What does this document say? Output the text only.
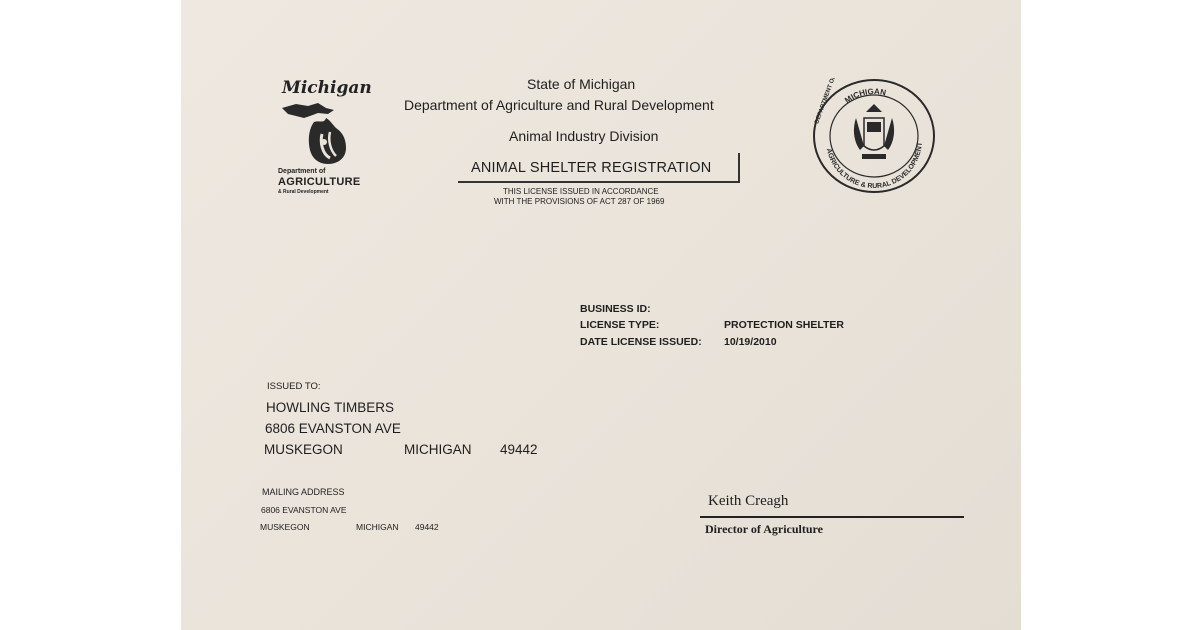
Michigan
Department of
AGRICULTURE
& Rural Development
State of Michigan
Department of Agriculture and Rural Development
Animal Industry Division
ANIMAL SHELTER REGISTRATION
THIS LICENSE ISSUED IN ACCORDANCE
WITH THE PROVISIONS OF ACT 287 OF 1969
MICHIGAN
AGRICULTURE & RURAL DEVELOPMENT
DEPARTMENT OF
BUSINESS ID:
LICENSE TYPE:	PROTECTION SHELTER
DATE LICENSE ISSUED: 10/19/2010
ISSUED TO:
HOWLING TIMBERS
6806 EVANSTON AVE
MUSKEGON	MICHIGAN 49442
MAILING ADDRESS
6806 EVANSTON AVE
MUSKEGON	MICHIGAN 49442
Keith Creagh
Director of Agriculture
